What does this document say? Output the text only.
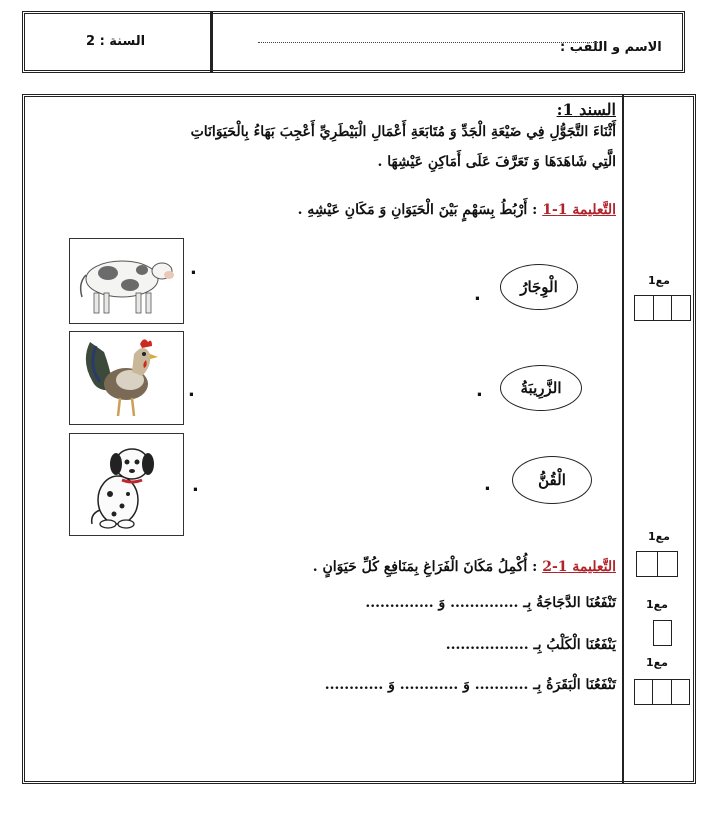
السنة : 2	الاسم و اللقب :
السند 1:
أَثْنَاءَ التَّجَوُّلِ فِي ضَيْعَةِ الْجَدِّ وَ مُتَابَعَةِ أَعْمَالِ الْبَيْطَرِيِّ أَعْجِبَ بَهَاءُ بِالْحَيَوَانَاتِ
الَّتِي شَاهَدَهَا وَ تَعَرَّفَ عَلَى أَمَاكِنِ عَيْشِهَا .
التَّعليمة 1-1 : أَرْبُطُ بِسَهْمٍ بَيْنَ الْحَيَوَانِ وَ مَكَانِ عَيْشِهِ .
.
.
.
الْوِجَارُ
الزَّرِيبَةُ
الْقُنُّ
.
.
.
التَّعليمة 1-2 : أُكْمِلُ مَكَانَ الْفَرَاغِ بِمَنَافِعِ كُلِّ حَيَوَانٍ .
تَنْفَعُنَا الدَّجَاجَةُ بِـ .............. وَ ..............
يَنْفَعُنَا الْكَلْبُ بِـ .................
تَنْفَعُنَا الْبَقَرَةُ بِـ ........... وَ ............ وَ ............
مع1
مع1
مع1
مع1
